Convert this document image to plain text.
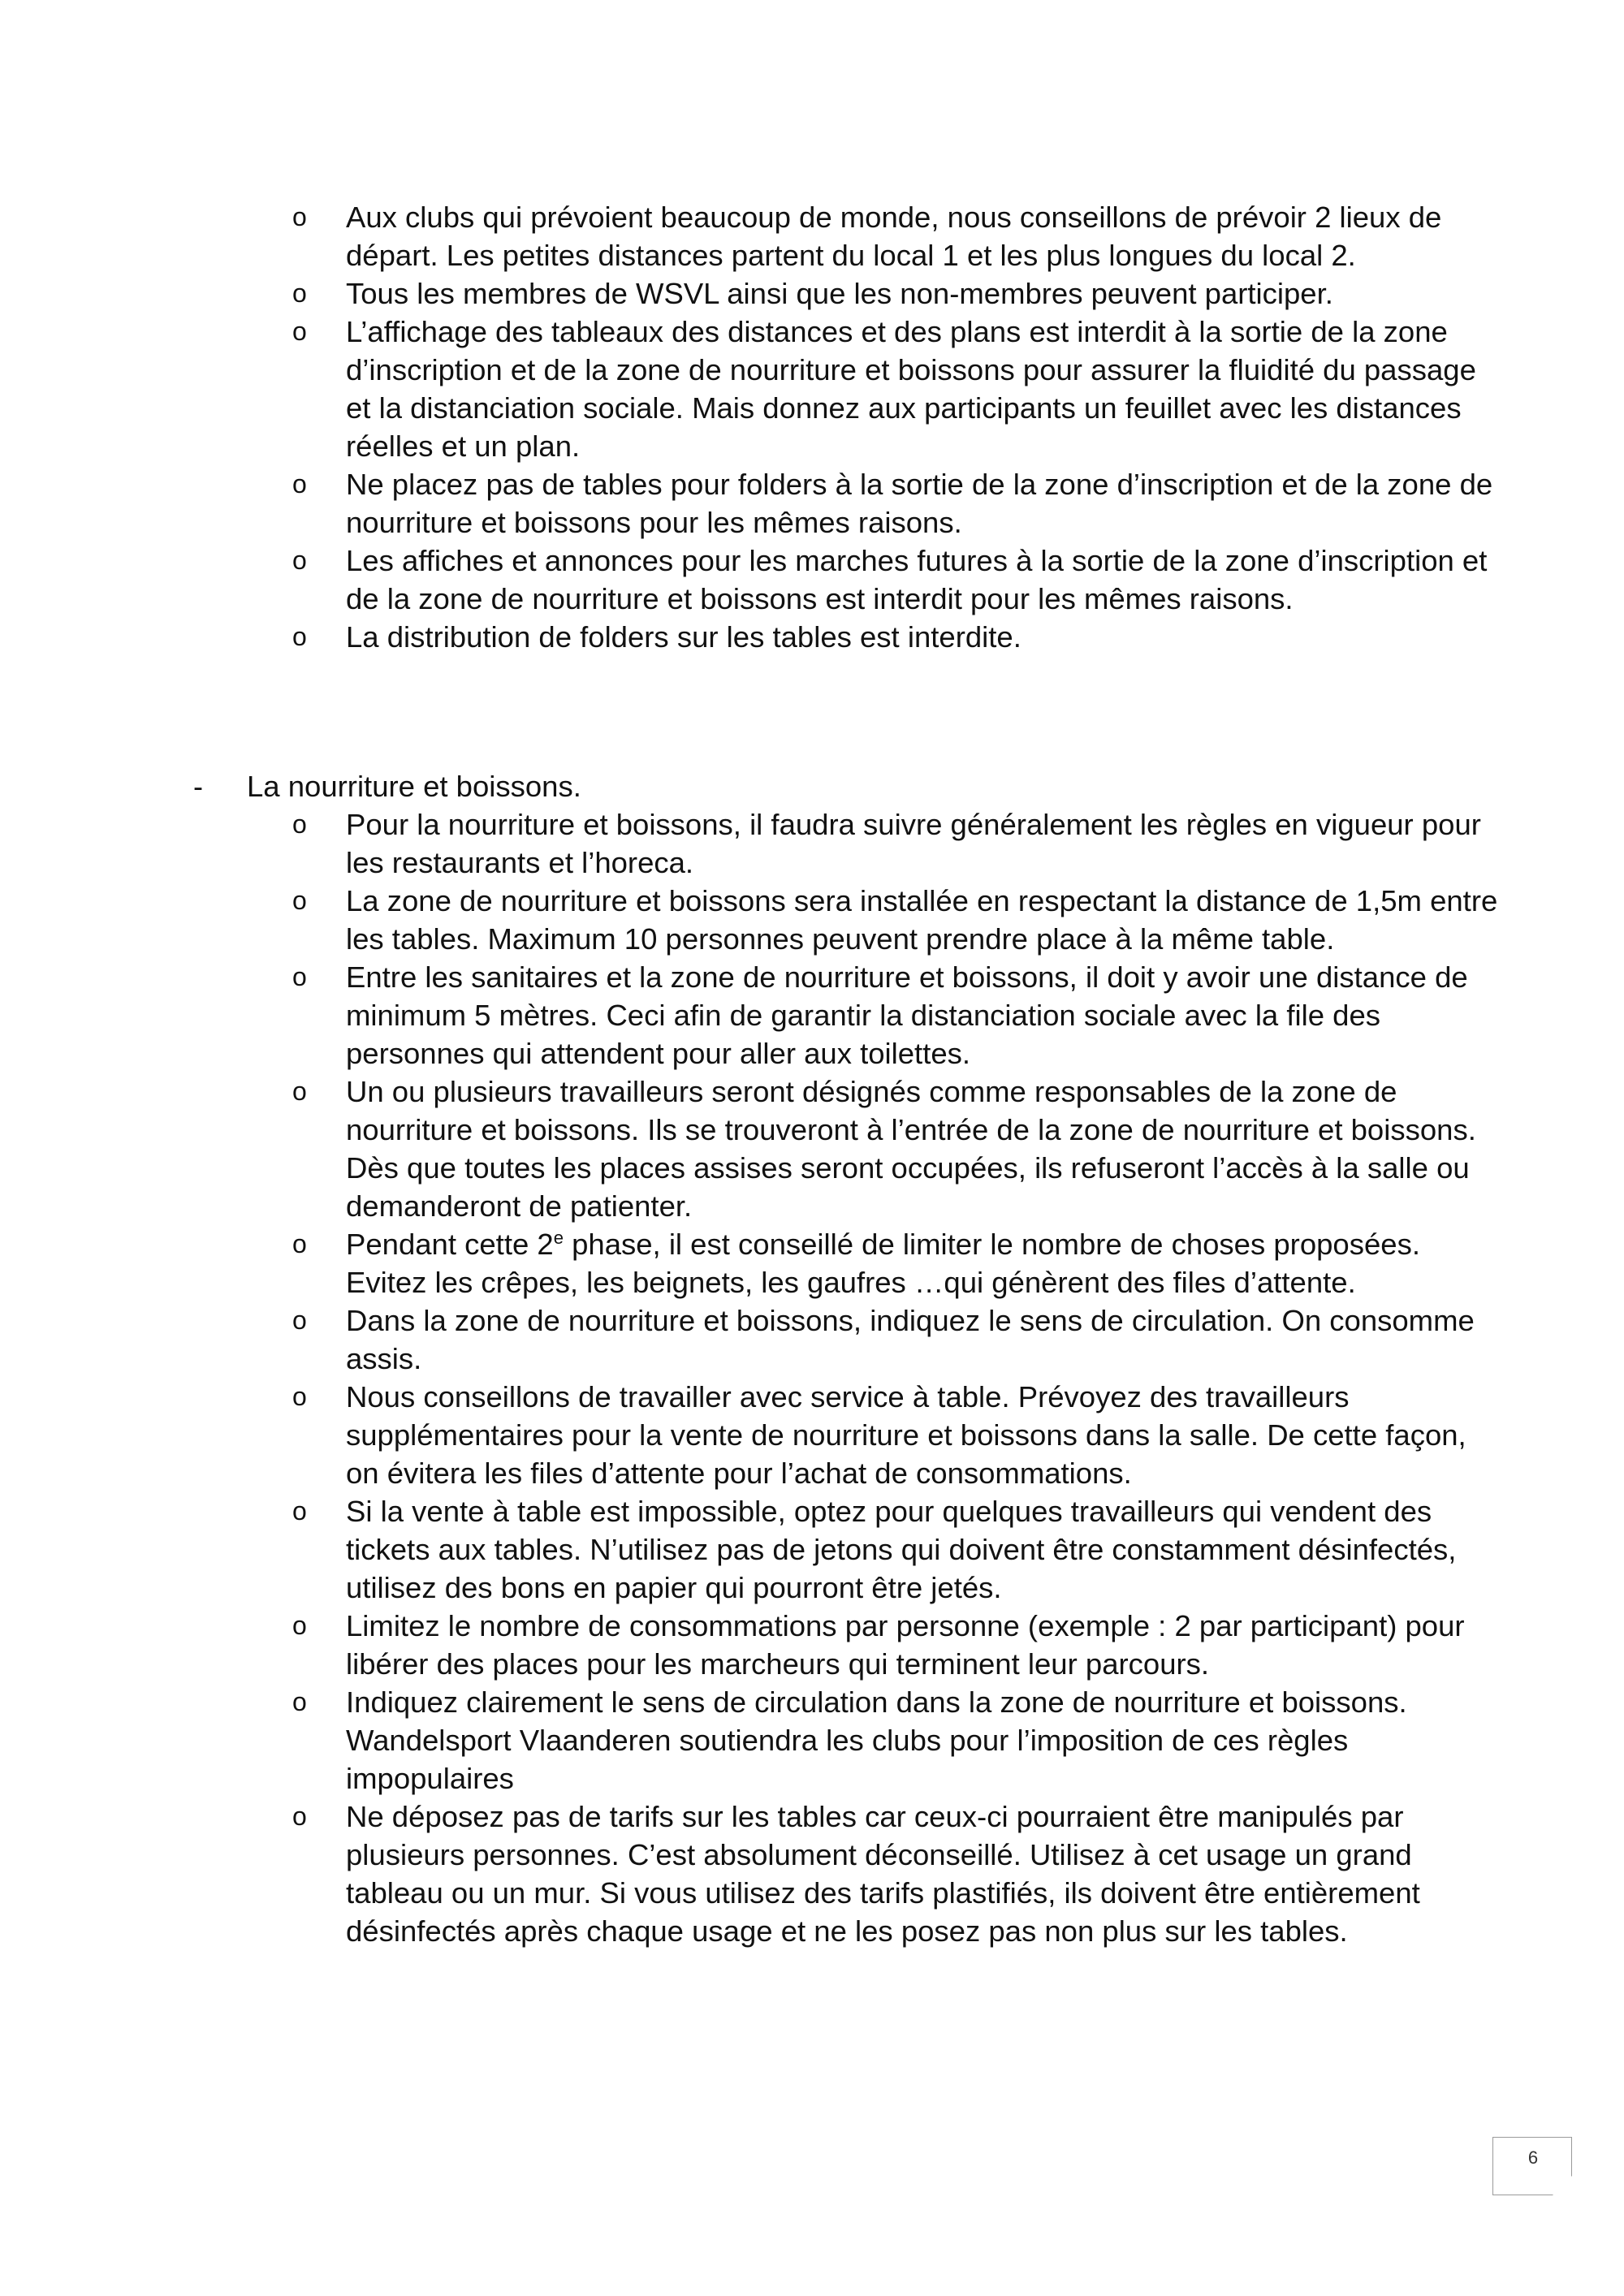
o	Aux clubs qui prévoient beaucoup de monde, nous conseillons de prévoir 2 lieux de départ. Les petites distances partent du local 1 et les plus longues du local 2.
o	Tous les membres de WSVL ainsi que les non-membres peuvent participer.
o	L’affichage des tableaux des distances et des plans est interdit à la sortie de la zone d’inscription et de la zone de nourriture et boissons pour assurer la fluidité du passage et la distanciation sociale. Mais donnez aux participants un feuillet avec les distances réelles et un plan.
o	Ne placez pas de tables pour folders à la sortie de la zone d’inscription et de la zone de nourriture et boissons pour les mêmes raisons.
o	Les affiches et annonces pour les marches futures à la sortie de la zone d’inscription et de la zone de nourriture et boissons est interdit pour les mêmes raisons.
o	La distribution de folders sur les tables est interdite.
- La nourriture et boissons.
o	Pour la nourriture et boissons, il faudra suivre généralement les règles en vigueur pour les restaurants et l’horeca.
o	La zone de nourriture et boissons sera installée en respectant la distance de 1,5m entre les tables. Maximum 10 personnes peuvent prendre place à la même table.
o	Entre les sanitaires et la zone de nourriture et boissons, il doit y avoir une distance de minimum 5 mètres. Ceci afin de garantir la distanciation sociale avec la file des personnes qui attendent pour aller aux toilettes.
o	Un ou plusieurs travailleurs seront désignés comme responsables de la zone de nourriture et boissons. Ils se trouveront à l’entrée de la zone de nourriture et boissons. Dès que toutes les places assises seront occupées, ils refuseront l’accès à la salle ou demanderont de patienter.
o	Pendant cette 2e phase, il est conseillé de limiter le nombre de choses proposées. Evitez les crêpes, les beignets, les gaufres …qui génèrent des files d’attente.
o	Dans la zone de nourriture et boissons, indiquez le sens de circulation. On consomme assis.
o	Nous conseillons de travailler avec service à table. Prévoyez des travailleurs supplémentaires pour la vente de nourriture et boissons dans la salle. De cette façon, on évitera les files d’attente pour l’achat de consommations.
o	Si la vente à table est impossible, optez pour quelques travailleurs qui vendent des tickets aux tables. N’utilisez pas de jetons qui doivent être constamment désinfectés, utilisez des bons en papier qui pourront être jetés.
o	Limitez le nombre de consommations par personne (exemple : 2 par participant) pour libérer des places pour les marcheurs qui terminent leur parcours.
o	Indiquez clairement le sens de circulation dans la zone de nourriture et boissons. Wandelsport Vlaanderen soutiendra les clubs pour l’imposition de ces règles impopulaires
o	Ne déposez pas de tarifs sur les tables car ceux-ci pourraient être manipulés par plusieurs personnes. C’est absolument déconseillé. Utilisez à cet usage un grand tableau ou un mur. Si vous utilisez des tarifs plastifiés, ils doivent être entièrement désinfectés après chaque usage et ne les posez pas non plus sur les tables.
6
